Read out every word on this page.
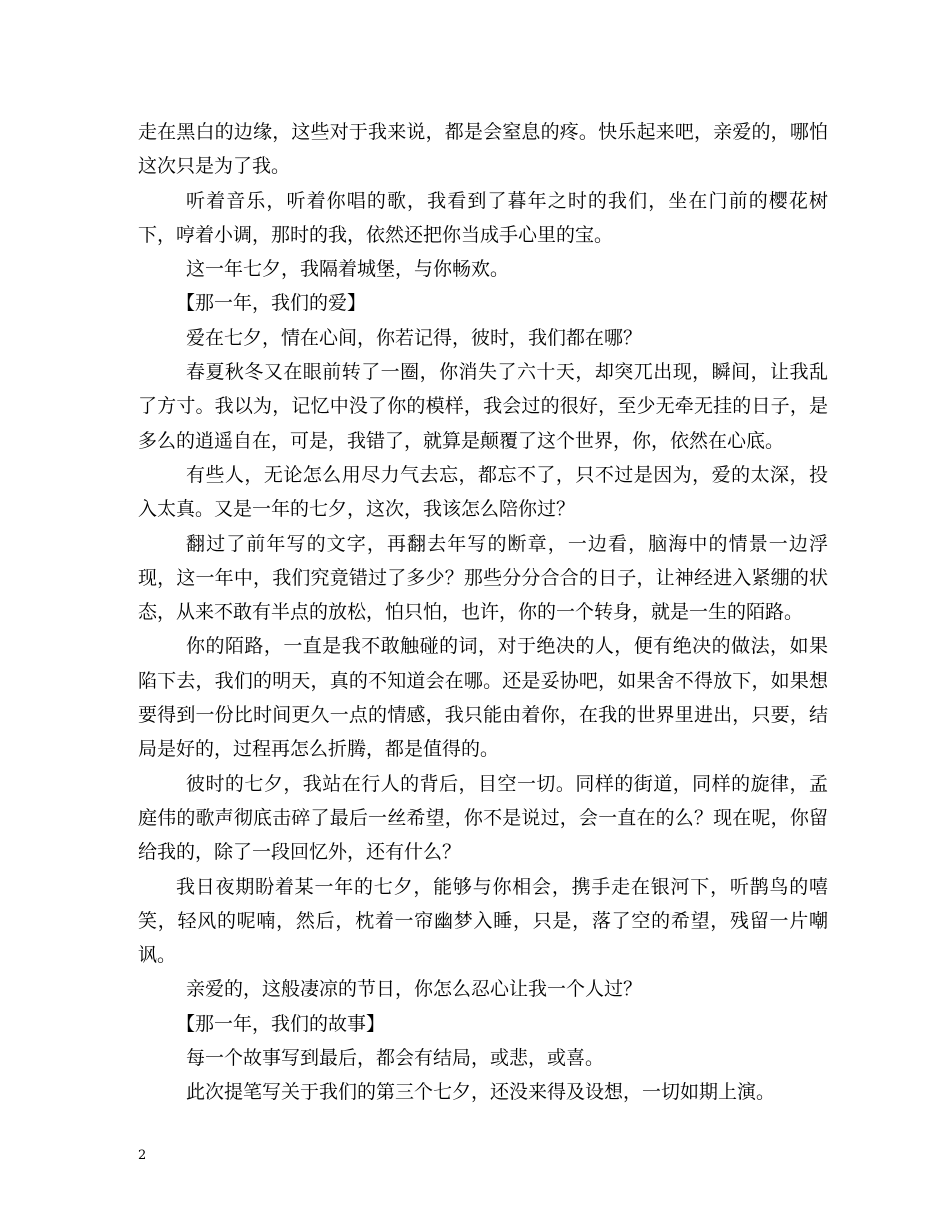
走在黑白的边缘，这些对于我来说，都是会窒息的疼。快乐起来吧，亲爱的，哪怕这次只是为了我。

听着音乐，听着你唱的歌，我看到了暮年之时的我们，坐在门前的樱花树下，哼着小调，那时的我，依然还把你当成手心里的宝。

这一年七夕，我隔着城堡，与你畅欢。

【那一年，我们的爱】

爱在七夕，情在心间，你若记得，彼时，我们都在哪？

春夏秋冬又在眼前转了一圈，你消失了六十天，却突兀出现，瞬间，让我乱了方寸。我以为，记忆中没了你的模样，我会过的很好，至少无牵无挂的日子，是多么的逍遥自在，可是，我错了，就算是颠覆了这个世界，你，依然在心底。

有些人，无论怎么用尽力气去忘，都忘不了，只不过是因为，爱的太深，投入太真。又是一年的七夕，这次，我该怎么陪你过？

翻过了前年写的文字，再翻去年写的断章，一边看，脑海中的情景一边浮现，这一年中，我们究竟错过了多少？那些分分合合的日子，让神经进入紧绷的状态，从来不敢有半点的放松，怕只怕，也许，你的一个转身，就是一生的陌路。

你的陌路，一直是我不敢触碰的词，对于绝决的人，便有绝决的做法，如果陷下去，我们的明天，真的不知道会在哪。还是妥协吧，如果舍不得放下，如果想要得到一份比时间更久一点的情感，我只能由着你，在我的世界里进出，只要，结局是好的，过程再怎么折腾，都是值得的。

彼时的七夕，我站在行人的背后，目空一切。同样的街道，同样的旋律，孟庭伟的歌声彻底击碎了最后一丝希望，你不是说过，会一直在的么？现在呢，你留给我的，除了一段回忆外，还有什么？

我日夜期盼着某一年的七夕，能够与你相会，携手走在银河下，听鹊鸟的嘻笑，轻风的呢喃，然后，枕着一帘幽梦入睡，只是，落了空的希望，残留一片嘲讽。

亲爱的，这般凄凉的节日，你怎么忍心让我一个人过？

【那一年，我们的故事】

每一个故事写到最后，都会有结局，或悲，或喜。

此次提笔写关于我们的第三个七夕，还没来得及设想，一切如期上演。

2
